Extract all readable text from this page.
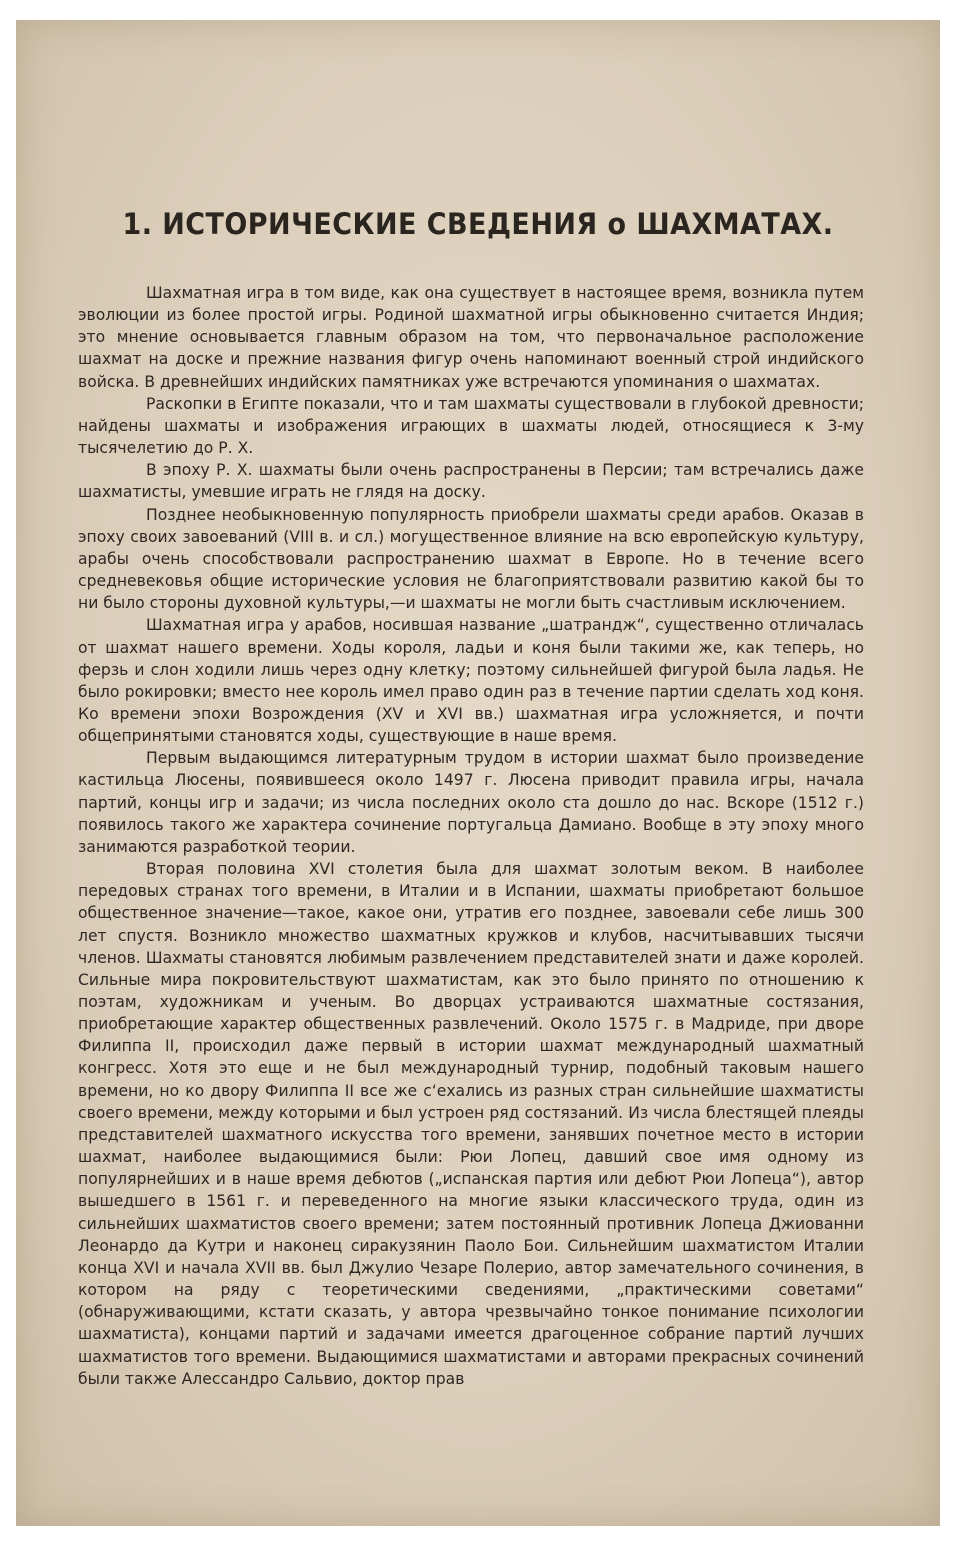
1. ИСТОРИЧЕСКИЕ СВЕДЕНИЯ о ШАХМАТАХ.

Шахматная игра в том виде, как она существует в настоящее время, возникла путем эволюции из более простой игры. Родиной шахматной игры обыкновенно считается Индия; это мнение основывается главным образом на том, что первоначальное расположение шахмат на доске и прежние названия фигур очень напоминают военный строй индийского войска. В древнейших индийских памятниках уже встречаются упоминания о шахматах.

Раскопки в Египте показали, что и там шахматы существовали в глубокой древности; найдены шахматы и изображения играющих в шахматы людей, относящиеся к 3-му тысячелетию до Р. Х.

В эпоху Р. Х. шахматы были очень распространены в Персии; там встречались даже шахматисты, умевшие играть не глядя на доску.

Позднее необыкновенную популярность приобрели шахматы среди арабов. Оказав в эпоху своих завоеваний (VIII в. и сл.) могущественное влияние на всю европейскую культуру, арабы очень способствовали распространению шахмат в Европе. Но в течение всего средневековья общие исторические условия не благоприятствовали развитию какой бы то ни было стороны духовной культуры,—и шахматы не могли быть счастливым исключением.

Шахматная игра у арабов, носившая название „шатрандж“, существенно отличалась от шахмат нашего времени. Ходы короля, ладьи и коня были такими же, как теперь, но ферзь и слон ходили лишь через одну клетку; поэтому сильнейшей фигурой была ладья. Не было рокировки; вместо нее король имел право один раз в течение партии сделать ход коня. Ко времени эпохи Возрождения (XV и XVI вв.) шахматная игра усложняется, и почти общепринятыми становятся ходы, существующие в наше время.

Первым выдающимся литературным трудом в истории шахмат было произведение кастильца Люсены, появившееся около 1497 г. Люсена приводит правила игры, начала партий, концы игр и задачи; из числа последних около ста дошло до нас. Вскоре (1512 г.) появилось такого же характера сочинение португальца Дамиано. Вообще в эту эпоху много занимаются разработкой теории.

Вторая половина XVI столетия была для шахмат золотым веком. В наиболее передовых странах того времени, в Италии и в Испании, шахматы приобретают большое общественное значение—такое, какое они, утратив его позднее, завоевали себе лишь 300 лет спустя. Возникло множество шахматных кружков и клубов, насчитывавших тысячи членов. Шахматы становятся любимым развлечением представителей знати и даже королей. Сильные мира покровительствуют шахматистам, как это было принято по отношению к поэтам, художникам и ученым. Во дворцах устраиваются шахматные состязания, приобретающие характер общественных развлечений. Около 1575 г. в Мадриде, при дворе Филиппа II, происходил даже первый в истории шахмат международный шахматный конгресс. Хотя это еще и не был международный турнир, подобный таковым нашего времени, но ко двору Филиппа II все же с‘ехались из разных стран сильнейшие шахматисты своего времени, между которыми и был устроен ряд состязаний. Из числа блестящей плеяды представителей шахматного искусства того времени, занявших почетное место в истории шахмат, наиболее выдающимися были: Рюи Лопец, давший свое имя одному из популярнейших и в наше время дебютов („испанская партия или дебют Рюи Лопеца“), автор вышедшего в 1561 г. и переведенного на многие языки классического труда, один из сильнейших шахматистов своего времени; затем постоянный противник Лопеца Джиованни Леонардо да Кутри и наконец сиракузянин Паоло Бои. Сильнейшим шахматистом Италии конца XVI и начала XVII вв. был Джулио Чезаре Полерио, автор замечательного сочинения, в котором на ряду с теоретическими сведениями, „практическими советами“ (обнаруживающими, кстати сказать, у автора чрезвычайно тонкое понимание психологии шахматиста), концами партий и задачами имеется драгоценное собрание партий лучших шахматистов того времени. Выдающимися шахматистами и авторами прекрасных сочинений были также Алессандро Сальвио, доктор прав
